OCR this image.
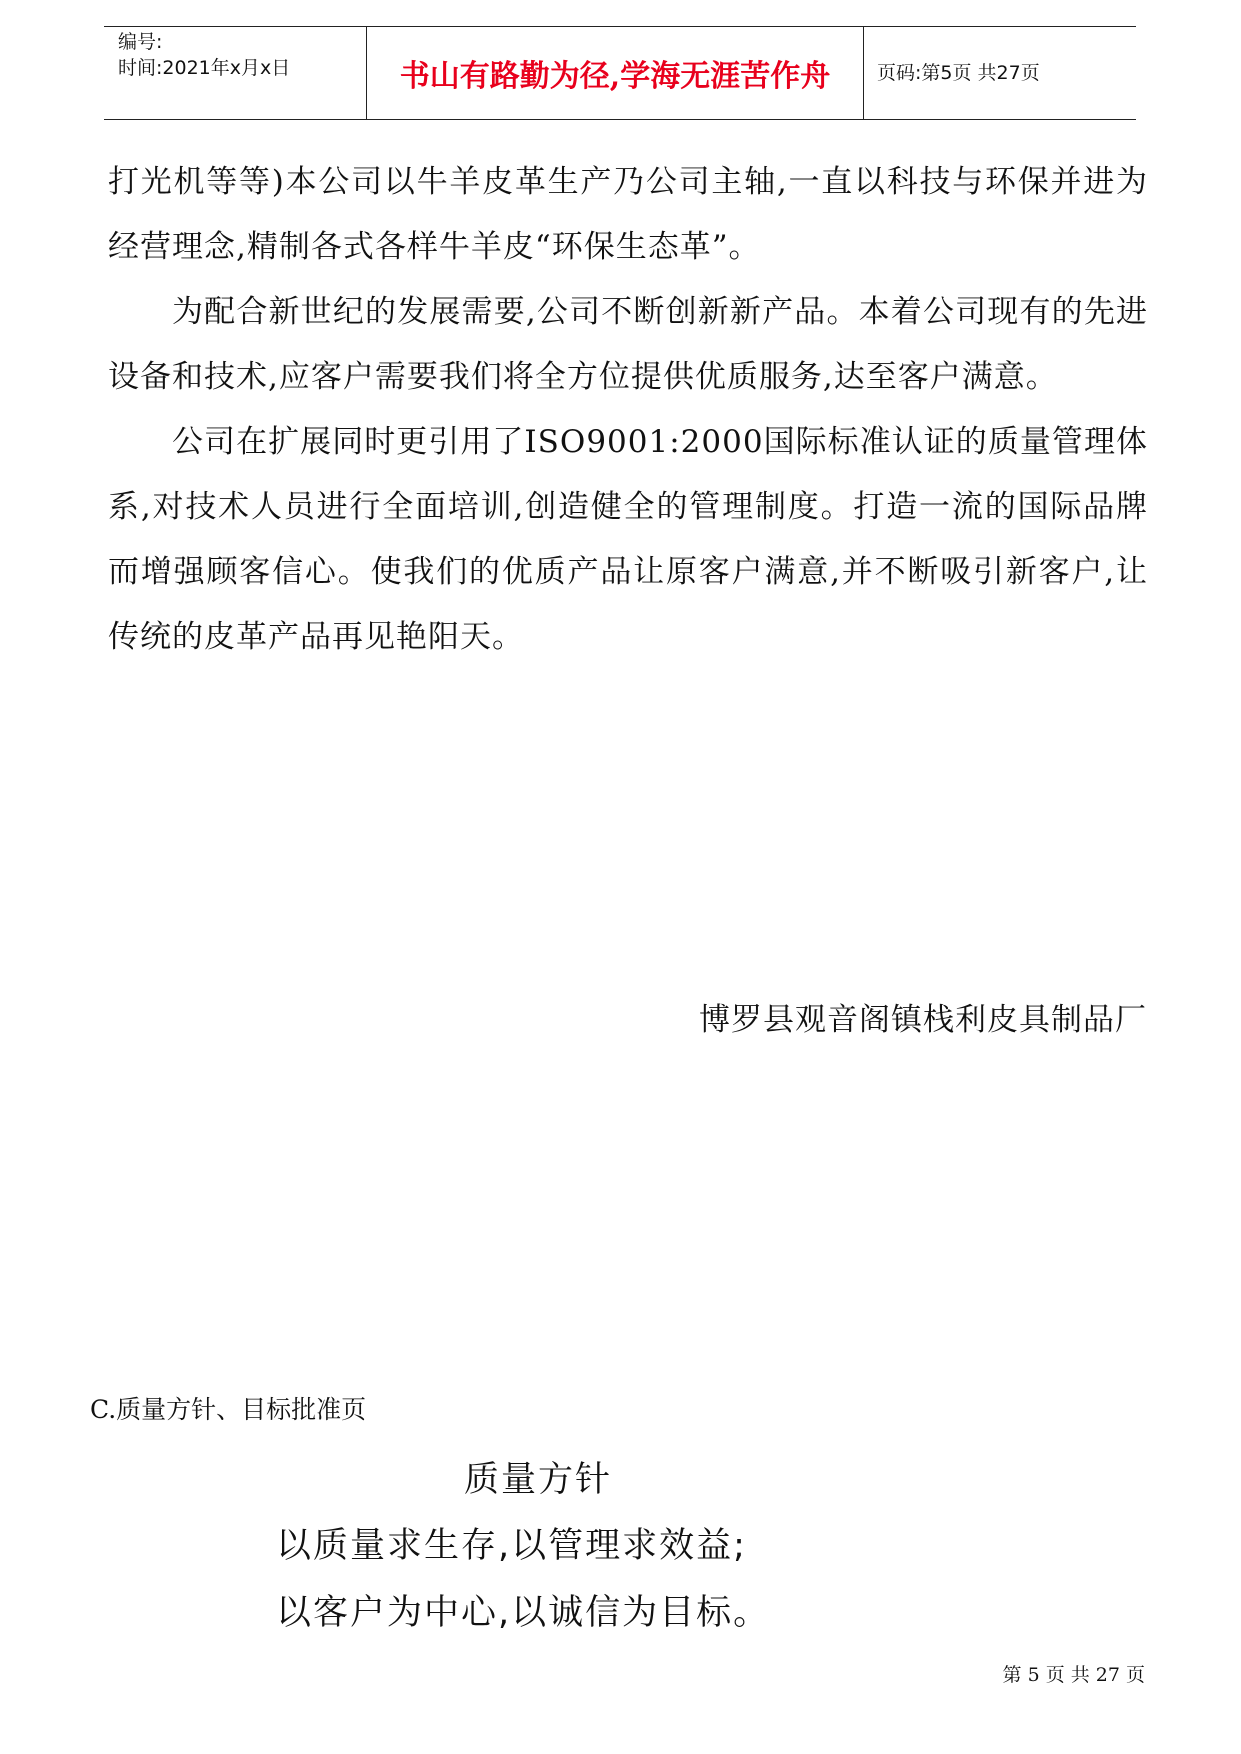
编号:
时间:2021年x月x日	书山有路勤为径,学海无涯苦作舟	页码:第5页 共27页

打光机等等)本公司以牛羊皮革生产乃公司主轴,一直以科技与环保并进为经营理念,精制各式各样牛羊皮“环保生态革”。

为配合新世纪的发展需要,公司不断创新新产品。本着公司现有的先进设备和技术,应客户需要我们将全方位提供优质服务,达至客户满意。

公司在扩展同时更引用了ISO9001:2000国际标准认证的质量管理体系,对技术人员进行全面培训,创造健全的管理制度。打造一流的国际品牌而增强顾客信心。使我们的优质产品让原客户满意,并不断吸引新客户,让传统的皮革产品再见艳阳天。

博罗县观音阁镇栈利皮具制品厂
C.质量方针、目标批准页
质量方针
以质量求生存,以管理求效益;
以客户为中心,以诚信为目标。
第 5 页 共 27 页
